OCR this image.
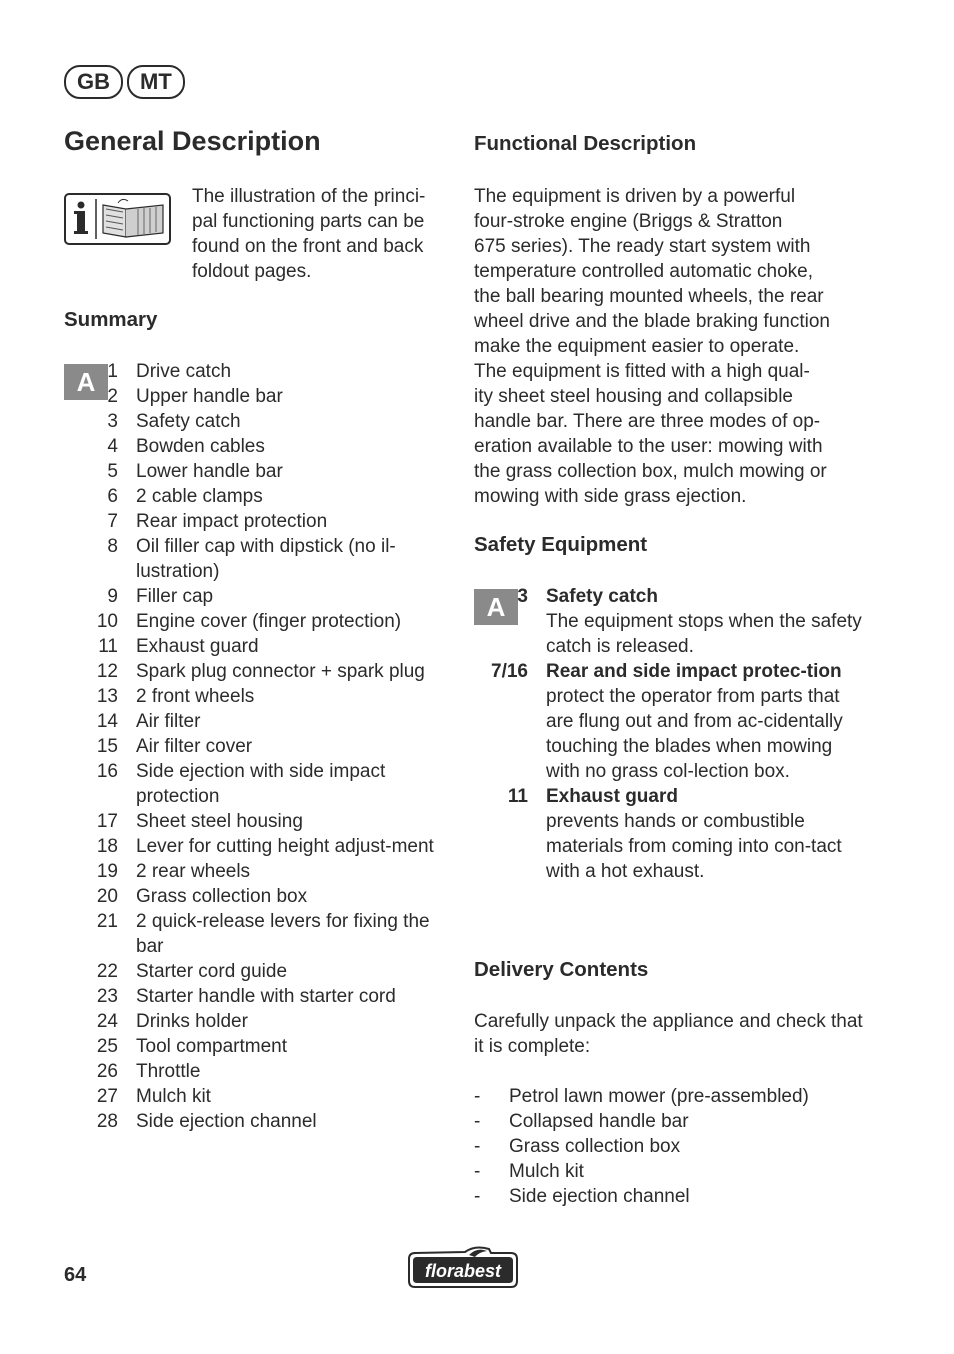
GB	MT
General Description

The illustration of the princi-
pal functioning parts can be
found on the front and back
foldout pages.

Summary
A 1 Drive catch
2 Upper handle bar
3 Safety catch
4 Bowden cables
5 Lower handle bar
6 2 cable clamps
7 Rear impact protection
8 Oil filler cap with dipstick (no il-lustration)
9 Filler cap
10 Engine cover (finger protection)
11 Exhaust guard
12 Spark plug connector + spark plug
13 2 front wheels
14 Air filter
15 Air filter cover
16 Side ejection with side impact protection
17 Sheet steel housing
18 Lever for cutting height adjust-ment
19 2 rear wheels
20 Grass collection box
21 2 quick-release levers for fixing the bar
22 Starter cord guide
23 Starter handle with starter cord
24 Drinks holder
25 Tool compartment
26 Throttle
27 Mulch kit
28 Side ejection channel
Functional Description

The equipment is driven by a powerful
four-stroke engine (Briggs & Stratton
675 series). The ready start system with
temperature controlled automatic choke,
the ball bearing mounted wheels, the rear
wheel drive and the blade braking function
make the equipment easier to operate.
The equipment is fitted with a high qual-
ity sheet steel housing and collapsible
handle bar. There are three modes of op-
eration available to the user: mowing with
the grass collection box, mulch mowing or
mowing with side grass ejection.

Safety Equipment
A 3 Safety catch
The equipment stops when the safety catch is released.
7/16 Rear and side impact protec-tion
protect the operator from parts that are flung out and from ac-cidentally touching the blades when mowing with no grass col-lection box.
11 Exhaust guard
prevents hands or combustible materials from coming into con-tact with a hot exhaust.
Delivery Contents

Carefully unpack the appliance and check that it is complete:

-	Petrol lawn mower (pre-assembled)
-	Collapsed handle bar
-	Grass collection box
-	Mulch kit
-	Side ejection channel
64	florabest
